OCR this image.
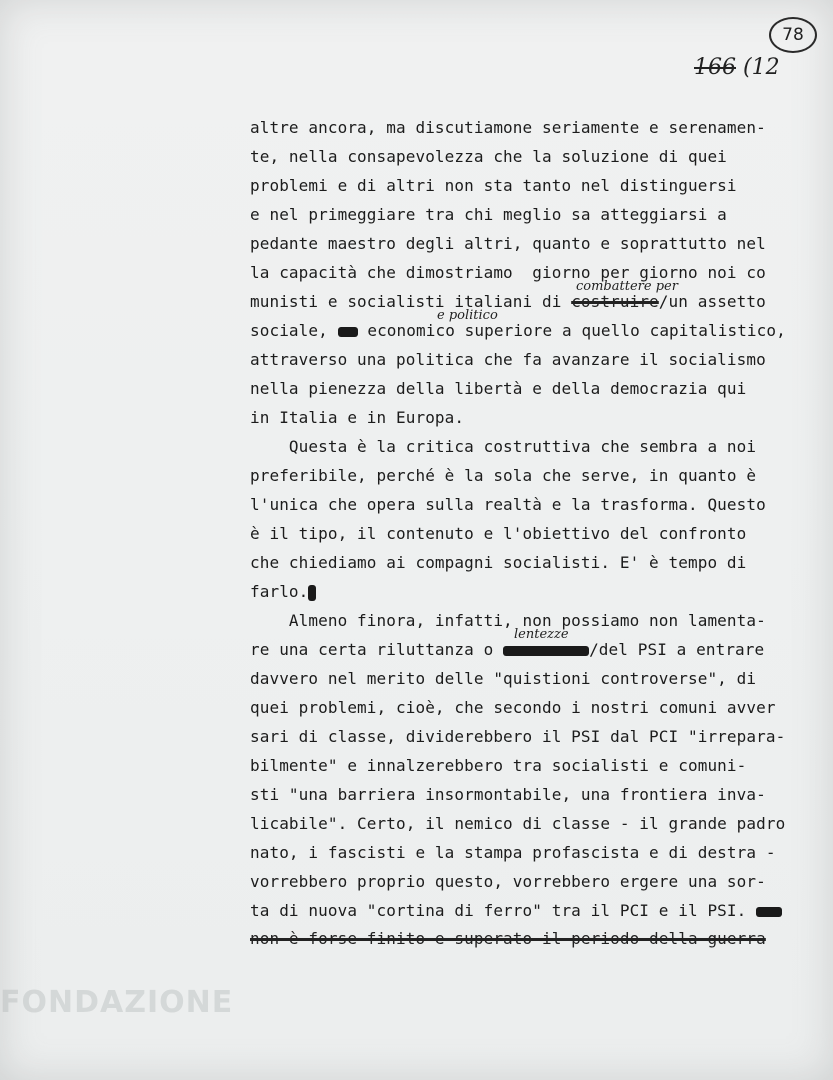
78
166 (12
altre ancora, ma discutiamone seriamente e serenamen-
te, nella consapevolezza che la soluzione di quei
problemi e di altri non sta tanto nel distinguersi
e nel primeggiare tra chi meglio sa atteggiarsi a
pedante maestro degli altri, quanto e soprattutto nel
la capacità che dimostriamo  giorno per giorno noi co
munisti e socialisti italiani di costruire/un assetto
combattere per
sociale,  economico superiore a quello capitalistico,
e politico
attraverso una politica che fa avanzare il socialismo
nella pienezza della libertà e della democrazia qui
in Italia e in Europa.
Questa è la critica costruttiva che sembra a noi
preferibile, perché è la sola che serve, in quanto è
l'unica che opera sulla realtà e la trasforma. Questo
è il tipo, il contenuto e l'obiettivo del confronto
che chiediamo ai compagni socialisti. E' è tempo di
farlo.
Almeno finora, infatti, non possiamo non lamenta-
re una certa riluttanza o	/del PSI a entrare
lentezze
davvero nel merito delle "quistioni controverse", di
quei problemi, cioè, che secondo i nostri comuni avver
sari di classe, dividerebbero il PSI dal PCI "irrepara-
bilmente" e innalzerebbero tra socialisti e comuni-
sti "una barriera insormontabile, una frontiera inva-
licabile". Certo, il nemico di classe - il grande padro
nato, i fascisti e la stampa profascista e di destra -
vorrebbero proprio questo, vorrebbero ergere una sor-
ta di nuova "cortina di ferro" tra il PCI e il PSI.
non è forse finito e superato il periodo della guerra
FONDAZIONE
